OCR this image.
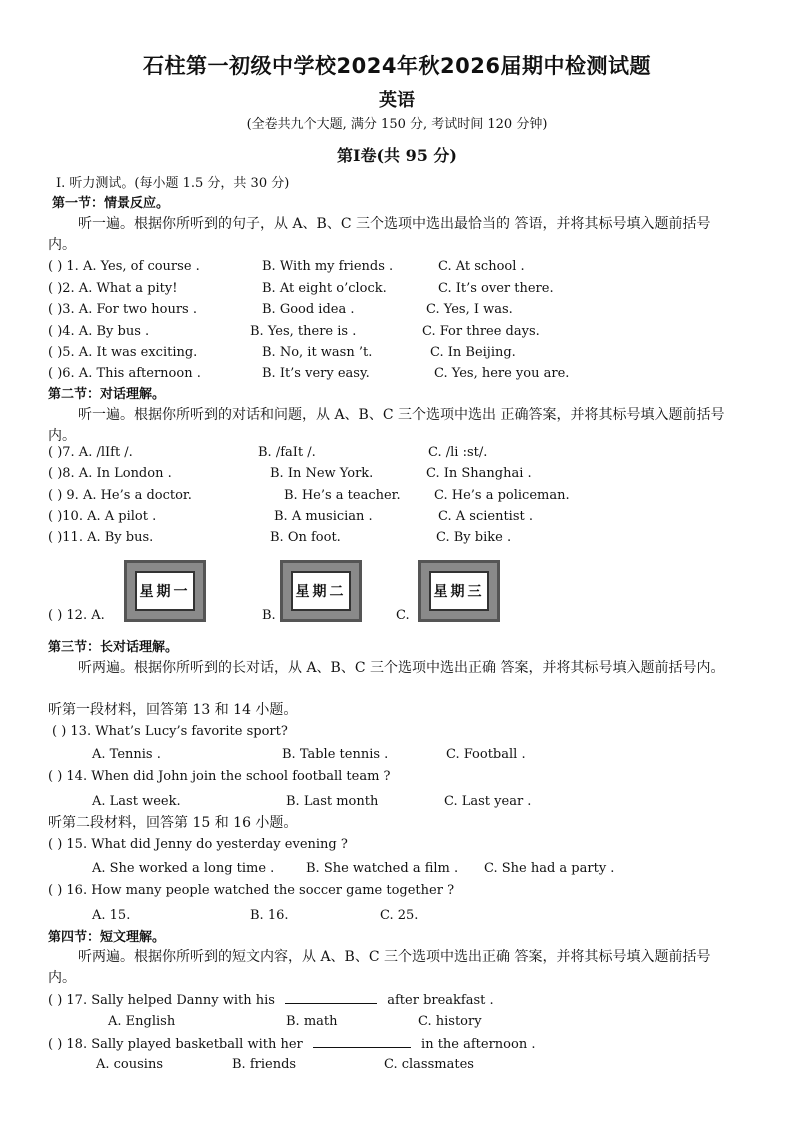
石柱第一初级中学校2024年秋2026届期中检测试题
英语
(全卷共九个大题, 满分 150 分, 考试时间 120 分钟)
第Ⅰ卷(共 95 分)
Ⅰ. 听力测试。(每小题 1.5 分，共 30 分)
第一节：情景反应。
听一遍。根据你所听到的句子，从 A、B、C 三个选项中选出最恰当的 答语，并将其标号填入题前括号内。
( ) 1. A. Yes, of course .	B. With my friends .	C. At school .
( )2. A. What a pity!	B. At eight o’clock.	C. It’s over there.
( )3. A. For two hours .	B. Good idea .	C. Yes, I was.
( )4. A. By bus .	B. Yes, there is .	C. For three days.
( )5. A. It was exciting.	B. No, it wasn ’t.	C. In Beijing.
( )6. A. This afternoon .	B. It’s very easy.	C. Yes, here you are.
第二节：对话理解。
听一遍。根据你所听到的对话和问题，从 A、B、C 三个选项中选出 正确答案，并将其标号填入题前括号内。
( )7. A. /lIft /.	B. /faIt /.	C. /li :st/.
( )8. A. In London .	B. In New York.	C. In Shanghai .
( ) 9. A. He’s a doctor.	B. He’s a teacher.	C. He’s a policeman.
( )10. A. A pilot .	B. A musician .	C. A scientist .
( )11. A. By bus.	B. On foot.	C. By bike .
( ) 12. A.
星期一
B.
星期二
C.
星期三
第三节：长对话理解。
听两遍。根据你所听到的长对话，从 A、B、C 三个选项中选出正确 答案，并将其标号填入题前括号内。
听第一段材料，回答第 13 和 14 小题。
( ) 13. What’s Lucy’s favorite sport?
A. Tennis .	B. Table tennis .	C. Football .
( ) 14. When did John join the school football team ?
A. Last week.	B. Last month	C. Last year .
听第二段材料，回答第 15 和 16 小题。
( ) 15. What did Jenny do yesterday evening ?
A. She worked a long time . B. She watched a film . C. She had a party .
( ) 16. How many people watched the soccer game together ?
A. 15.	B. 16.	C. 25.
第四节：短文理解。
听两遍。根据你所听到的短文内容，从 A、B、C 三个选项中选出正确 答案，并将其标号填入题前括号内。
( ) 17. Sally helped Danny with his	after breakfast .
A. English	B. math	C. history
( ) 18. Sally played basketball with her	in the afternoon .
A. cousins	B. friends	C. classmates
